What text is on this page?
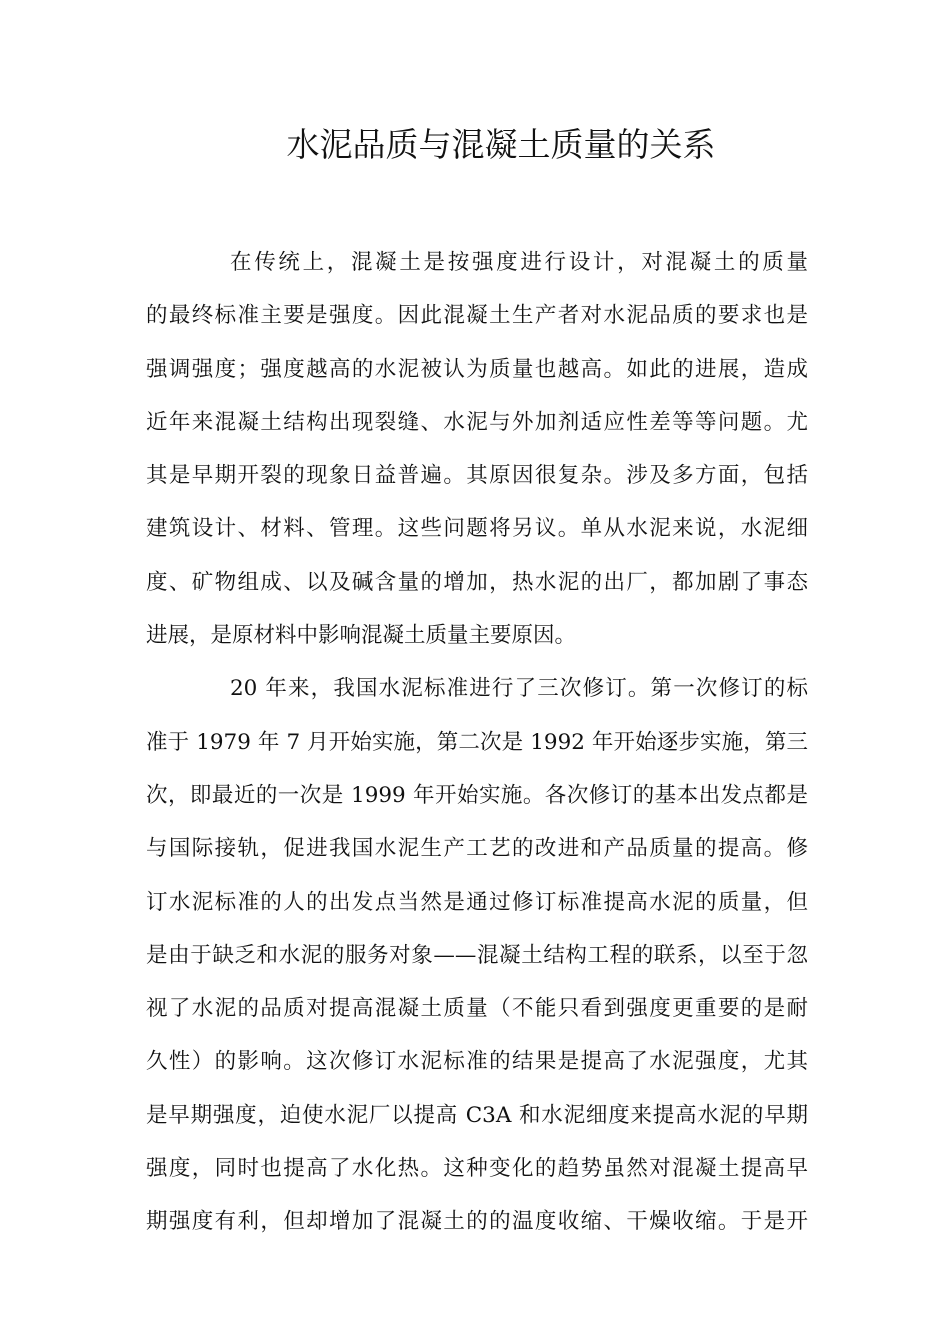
水泥品质与混凝土质量的关系

在传统上，混凝土是按强度进行设计，对混凝土的质量

的最终标准主要是强度。因此混凝土生产者对水泥品质的要求也是

强调强度；强度越高的水泥被认为质量也越高。如此的进展，造成

近年来混凝土结构出现裂缝、水泥与外加剂适应性差等等问题。尤

其是早期开裂的现象日益普遍。其原因很复杂。涉及多方面，包括

建筑设计、材料、管理。这些问题将另议。单从水泥来说，水泥细

度、矿物组成、以及碱含量的增加，热水泥的出厂，都加剧了事态

进展，是原材料中影响混凝土质量主要原因。

20 年来，我国水泥标准进行了三次修订。第一次修订的标

准于 1979 年 7 月开始实施，第二次是 1992 年开始逐步实施，第三

次，即最近的一次是 1999 年开始实施。各次修订的基本出发点都是

与国际接轨，促进我国水泥生产工艺的改进和产品质量的提高。修

订水泥标准的人的出发点当然是通过修订标准提高水泥的质量，但

是由于缺乏和水泥的服务对象——混凝土结构工程的联系，以至于忽

视了水泥的品质对提高混凝土质量（不能只看到强度更重要的是耐

久性）的影响。这次修订水泥标准的结果是提高了水泥强度，尤其

是早期强度，迫使水泥厂以提高 C3A 和水泥细度来提高水泥的早期

强度，同时也提高了水化热。这种变化的趋势虽然对混凝土提高早

期强度有利，但却增加了混凝土的的温度收缩、干燥收缩。于是开
